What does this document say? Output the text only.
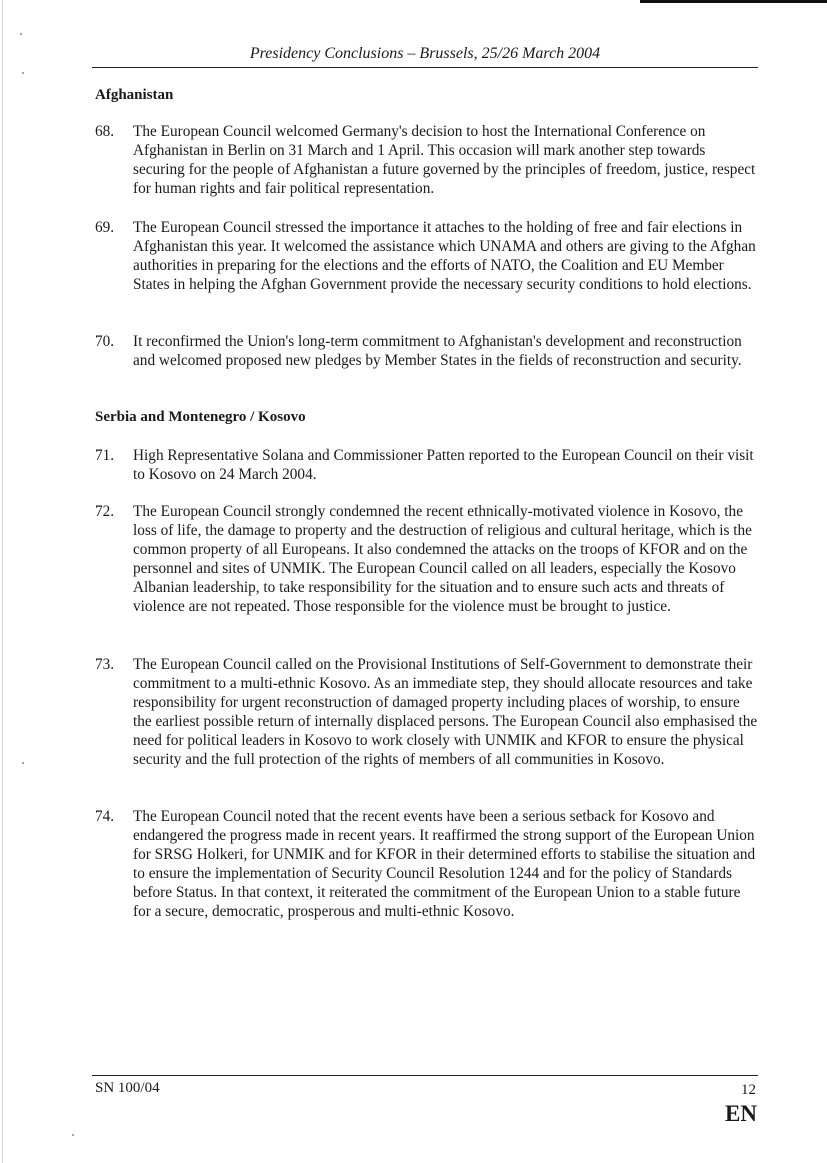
Presidency Conclusions – Brussels, 25/26 March 2004
Afghanistan
68. The European Council welcomed Germany's decision to host the International Conference on Afghanistan in Berlin on 31 March and 1 April. This occasion will mark another step towards securing for the people of Afghanistan a future governed by the principles of freedom, justice, respect for human rights and fair political representation.
69. The European Council stressed the importance it attaches to the holding of free and fair elections in Afghanistan this year. It welcomed the assistance which UNAMA and others are giving to the Afghan authorities in preparing for the elections and the efforts of NATO, the Coalition and EU Member States in helping the Afghan Government provide the necessary security conditions to hold elections.
70. It reconfirmed the Union's long-term commitment to Afghanistan's development and reconstruction and welcomed proposed new pledges by Member States in the fields of reconstruction and security.
Serbia and Montenegro / Kosovo
71. High Representative Solana and Commissioner Patten reported to the European Council on their visit to Kosovo on 24 March 2004.
72. The European Council strongly condemned the recent ethnically-motivated violence in Kosovo, the loss of life, the damage to property and the destruction of religious and cultural heritage, which is the common property of all Europeans. It also condemned the attacks on the troops of KFOR and on the personnel and sites of UNMIK. The European Council called on all leaders, especially the Kosovo Albanian leadership, to take responsibility for the situation and to ensure such acts and threats of violence are not repeated. Those responsible for the violence must be brought to justice.
73. The European Council called on the Provisional Institutions of Self-Government to demonstrate their commitment to a multi-ethnic Kosovo. As an immediate step, they should allocate resources and take responsibility for urgent reconstruction of damaged property including places of worship, to ensure the earliest possible return of internally displaced persons. The European Council also emphasised the need for political leaders in Kosovo to work closely with UNMIK and KFOR to ensure the physical security and the full protection of the rights of members of all communities in Kosovo.
74. The European Council noted that the recent events have been a serious setback for Kosovo and endangered the progress made in recent years. It reaffirmed the strong support of the European Union for SRSG Holkeri, for UNMIK and for KFOR in their determined efforts to stabilise the situation and to ensure the implementation of Security Council Resolution 1244 and for the policy of Standards before Status. In that context, it reiterated the commitment of the European Union to a stable future for a secure, democratic, prosperous and multi-ethnic Kosovo.
SN 100/04	12
EN
